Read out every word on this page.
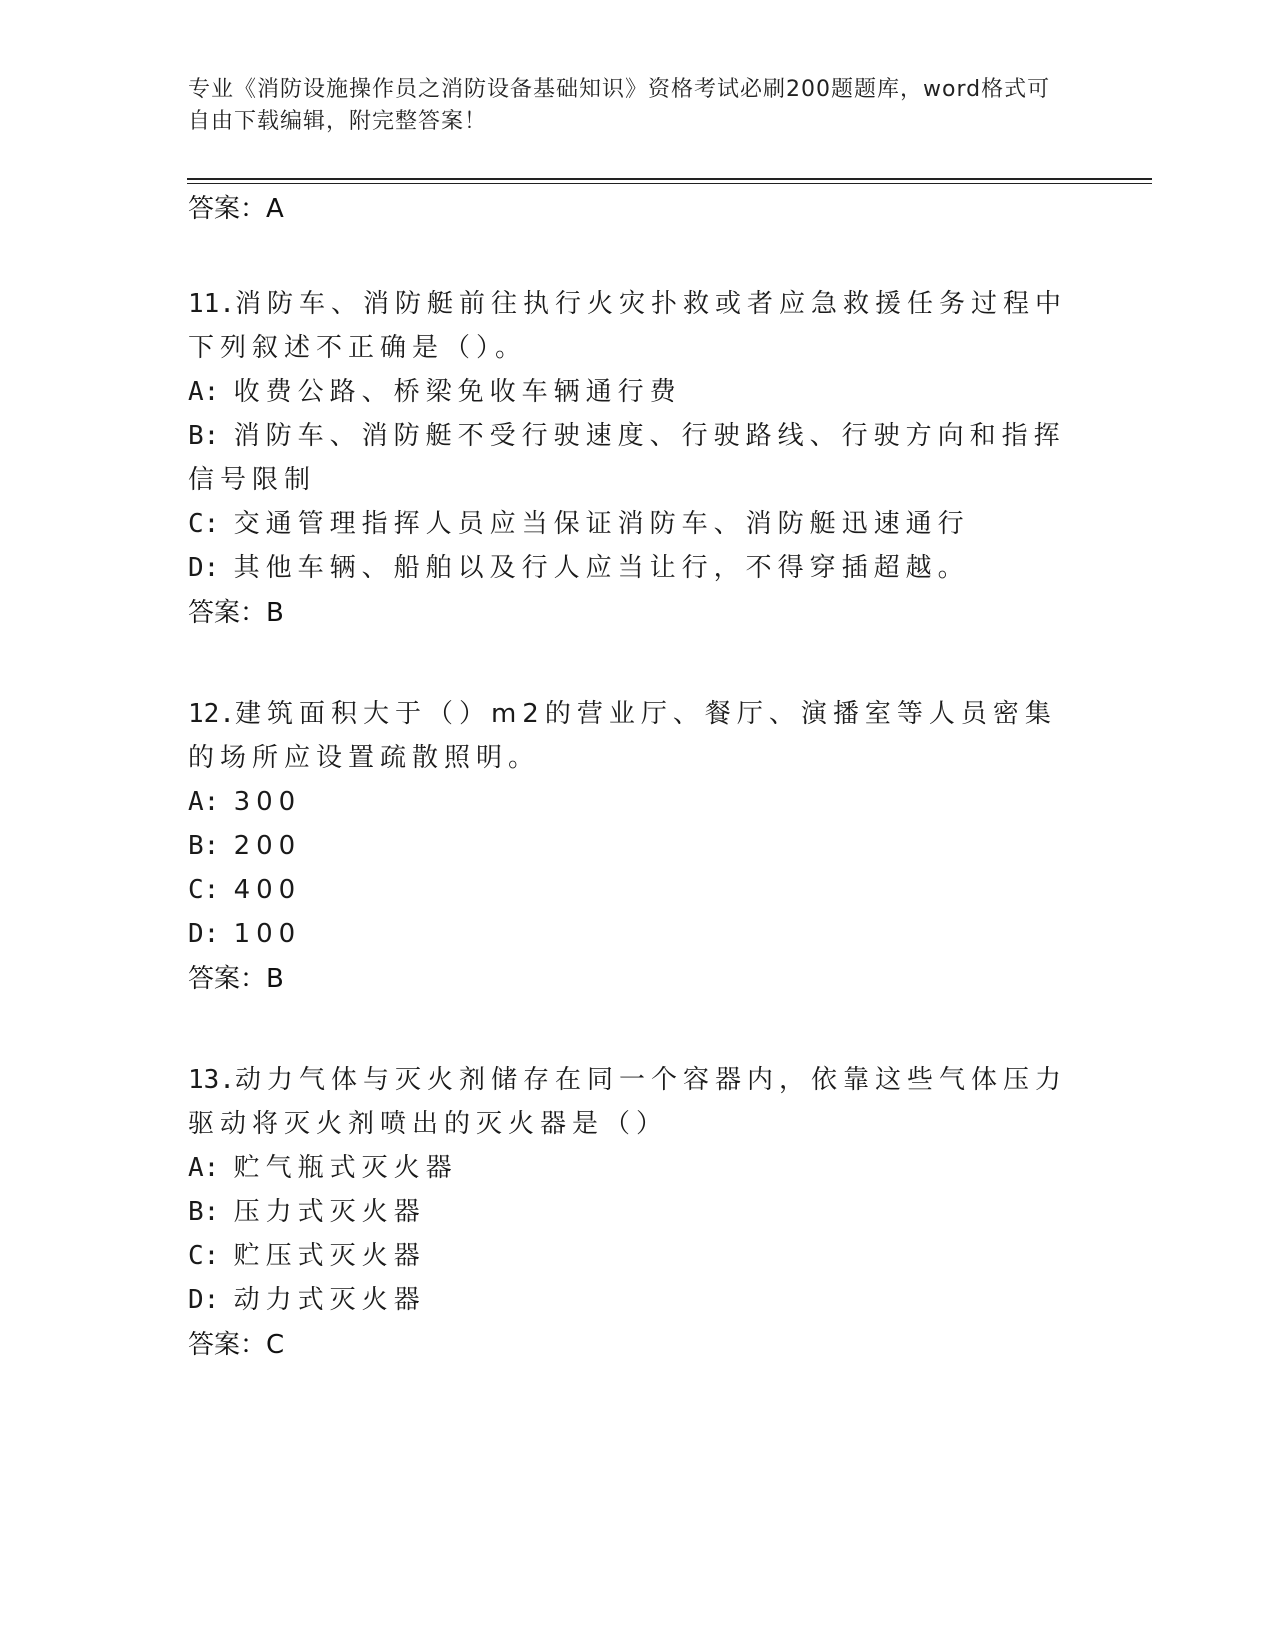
专业《消防设施操作员之消防设备基础知识》资格考试必刷200题题库，word格式可自由下载编辑，附完整答案！

答案：A

11.消防车、消防艇前往执行火灾扑救或者应急救援任务过程中下列叙述不正确是（）。

A: 收费公路、桥梁免收车辆通行费

B: 消防车、消防艇不受行驶速度、行驶路线、行驶方向和指挥信号限制

C: 交通管理指挥人员应当保证消防车、消防艇迅速通行

D: 其他车辆、船舶以及行人应当让行，不得穿插超越。

答案：B

12.建筑面积大于（）m2的营业厅、餐厅、演播室等人员密集的场所应设置疏散照明。

A: 300

B: 200

C: 400

D: 100

答案：B

13.动力气体与灭火剂储存在同一个容器内，依靠这些气体压力驱动将灭火剂喷出的灭火器是（）

A: 贮气瓶式灭火器

B: 压力式灭火器

C: 贮压式灭火器

D: 动力式灭火器

答案：C
